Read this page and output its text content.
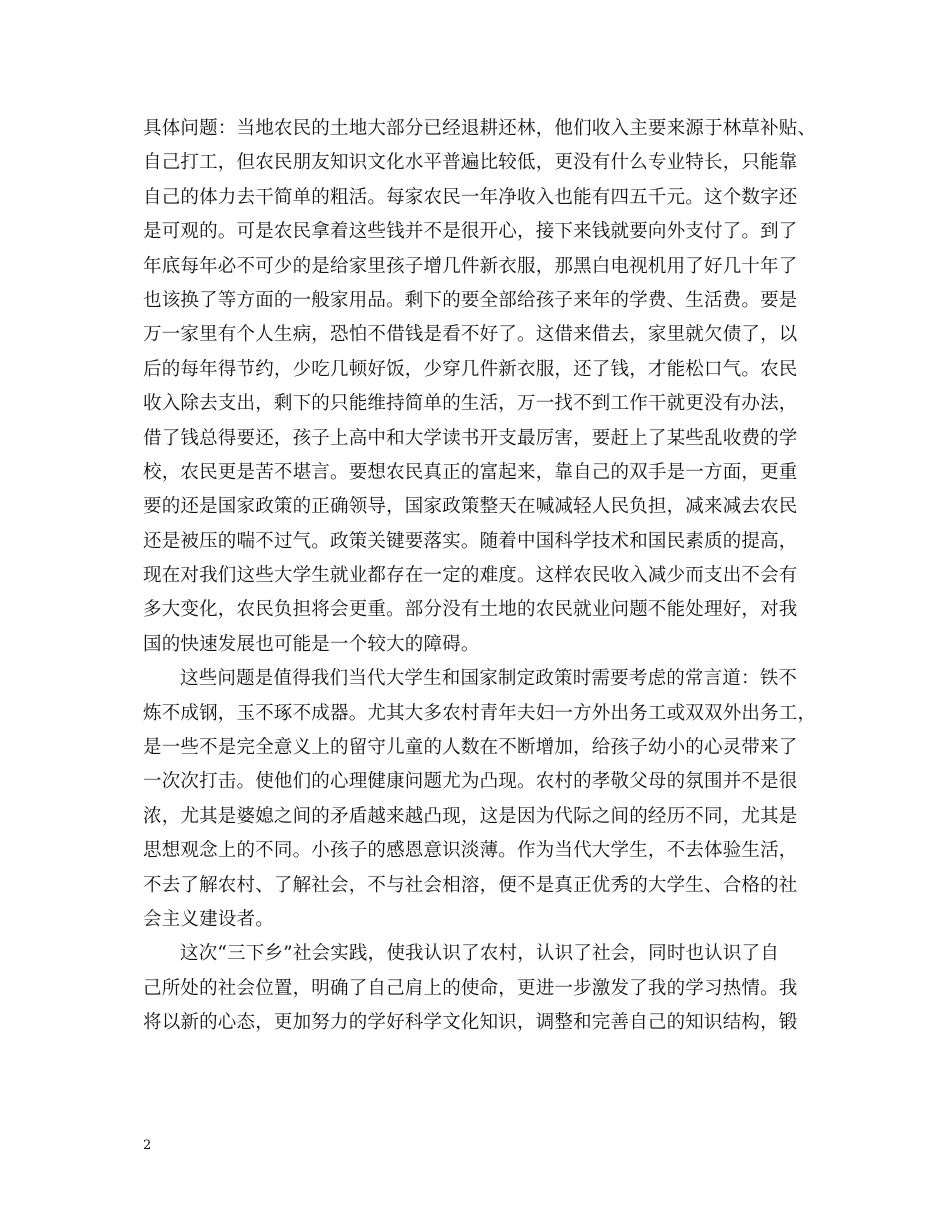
具体问题：当地农民的土地大部分已经退耕还林，他们收入主要来源于林草补贴、
自己打工，但农民朋友知识文化水平普遍比较低，更没有什么专业特长，只能靠
自己的体力去干简单的粗活。每家农民一年净收入也能有四五千元。这个数字还
是可观的。可是农民拿着这些钱并不是很开心，接下来钱就要向外支付了。到了
年底每年必不可少的是给家里孩子增几件新衣服，那黑白电视机用了好几十年了
也该换了等方面的一般家用品。剩下的要全部给孩子来年的学费、生活费。要是
万一家里有个人生病，恐怕不借钱是看不好了。这借来借去，家里就欠债了，以
后的每年得节约，少吃几顿好饭，少穿几件新衣服，还了钱，才能松口气。农民
收入除去支出，剩下的只能维持简单的生活，万一找不到工作干就更没有办法，
借了钱总得要还，孩子上高中和大学读书开支最厉害，要赶上了某些乱收费的学
校，农民更是苦不堪言。要想农民真正的富起来，靠自己的双手是一方面，更重
要的还是国家政策的正确领导，国家政策整天在喊减轻人民负担，减来减去农民
还是被压的喘不过气。政策关键要落实。随着中国科学技术和国民素质的提高，
现在对我们这些大学生就业都存在一定的难度。这样农民收入减少而支出不会有
多大变化，农民负担将会更重。部分没有土地的农民就业问题不能处理好，对我
国的快速发展也可能是一个较大的障碍。
这些问题是值得我们当代大学生和国家制定政策时需要考虑的常言道：铁不
炼不成钢，玉不琢不成器。尤其大多农村青年夫妇一方外出务工或双双外出务工，
是一些不是完全意义上的留守儿童的人数在不断增加，给孩子幼小的心灵带来了
一次次打击。使他们的心理健康问题尤为凸现。农村的孝敬父母的氛围并不是很
浓，尤其是婆媳之间的矛盾越来越凸现，这是因为代际之间的经历不同，尤其是
思想观念上的不同。小孩子的感恩意识淡薄。作为当代大学生，不去体验生活，
不去了解农村、了解社会，不与社会相溶，便不是真正优秀的大学生、合格的社
会主义建设者。
这次“三下乡”社会实践，使我认识了农村，认识了社会，同时也认识了自
己所处的社会位置，明确了自己肩上的使命，更进一步激发了我的学习热情。我
将以新的心态，更加努力的学好科学文化知识，调整和完善自己的知识结构，锻
2
